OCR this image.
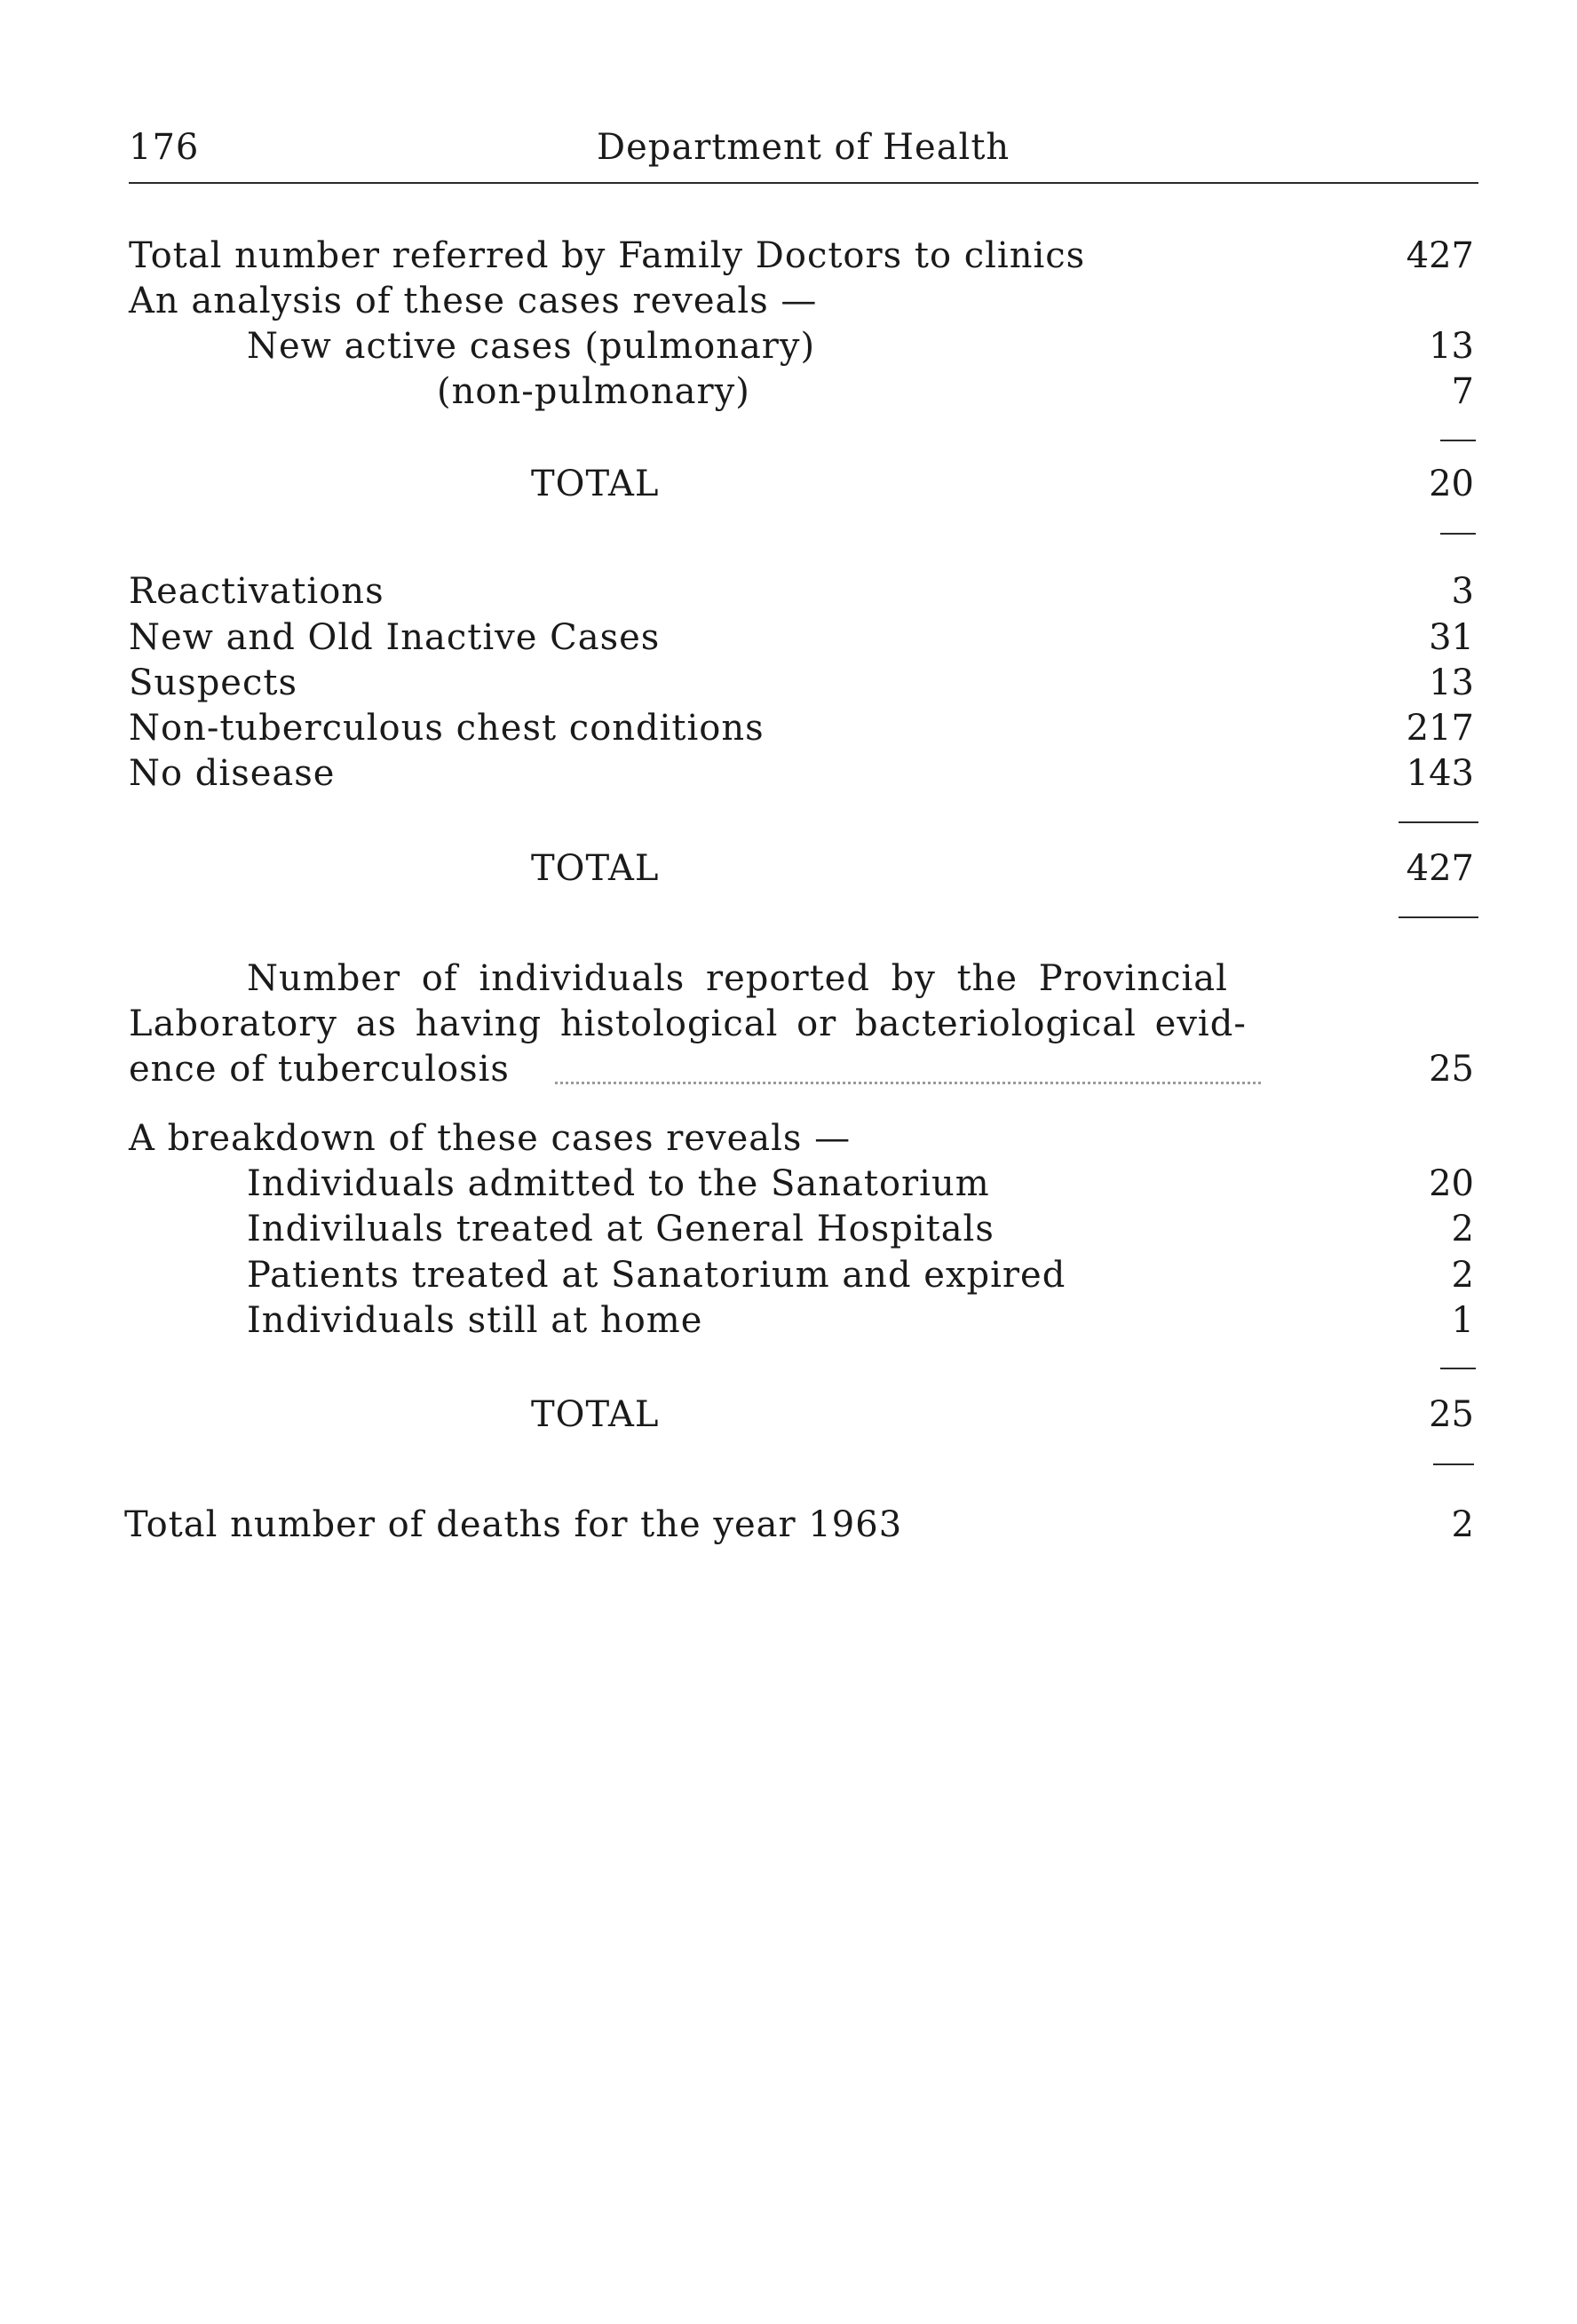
176	Department of Health
Total number referred by Family Doctors to clinics	427
An analysis of these cases reveals —
New active cases (pulmonary)	13
(non-pulmonary)	7
TOTAL	20
Reactivations	3
New and Old Inactive Cases	31
Suspects	13
Non-tuberculous chest conditions	217
No disease	143
TOTAL	427
Number of individuals reported by the Provincial
Laboratory as having histological or bacteriological evid-
ence of tuberculosis	25
A breakdown of these cases reveals —
Individuals admitted to the Sanatorium	20
Indiviluals treated at General Hospitals	2
Patients treated at Sanatorium and expired	2
Individuals still at home	1
TOTAL	25
Total number of deaths for the year 1963	2
